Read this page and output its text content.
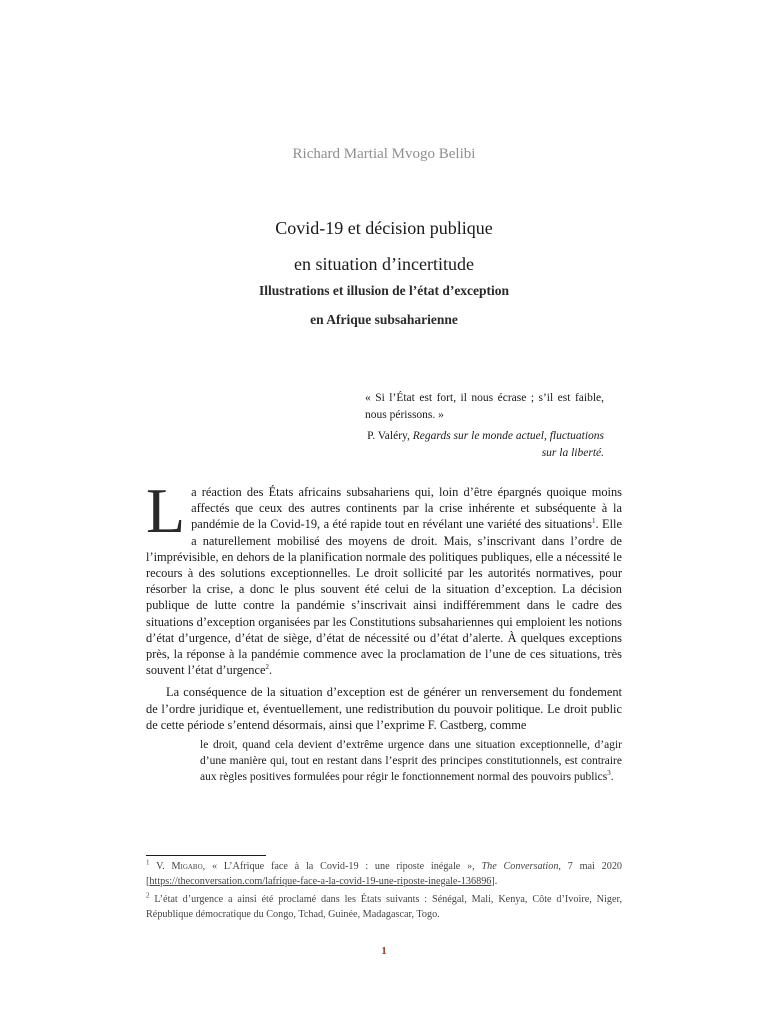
Richard Martial Mvogo Belibi
Covid-19 et décision publique
en situation d’incertitude
Illustrations et illusion de l’état d’exception
en Afrique subsaharienne
« Si l’État est fort, il nous écrase ; s’il est faible, nous périssons. »
P. Valéry, Regards sur le monde actuel, fluctuations sur la liberté.

La réaction des États africains subsahariens qui, loin d’être épargnés quoique moins affectés que ceux des autres continents par la crise inhérente et subséquente à la pandémie de la Covid-19, a été rapide tout en révélant une variété des situations$^1$. Elle a naturellement mobilisé des moyens de droit. Mais, s’inscrivant dans l’ordre de l’imprévisible, en dehors de la planification normale des politiques publiques, elle a nécessité le recours à des solutions exceptionnelles. Le droit sollicité par les autorités normatives, pour résorber la crise, a donc le plus souvent été celui de la situation d’exception. La décision publique de lutte contre la pandémie s’inscrivait ainsi indifféremment dans le cadre des situations d’exception organisées par les Constitutions subsahariennes qui emploient les notions d’état d’urgence, d’état de siège, d’état de nécessité ou d’état d’alerte. À quelques exceptions près, la réponse à la pandémie commence avec la proclamation de l’une de ces situations, très souvent l’état d’urgence$^2$.

La conséquence de la situation d’exception est de générer un renversement du fondement de l’ordre juridique et, éventuellement, une redistribution du pouvoir politique. Le droit public de cette période s’entend désormais, ainsi que l’exprime F. Castberg, comme

le droit, quand cela devient d’extrême urgence dans une situation exceptionnelle, d’agir d’une manière qui, tout en restant dans l’esprit des principes constitutionnels, est contraire aux règles positives formulées pour régir le fonctionnement normal des pouvoirs publics$^3$.
$^1$ V. Migabo, « L’Afrique face à la Covid-19 : une riposte inégale », The Conversation, 7 mai 2020 [https://theconversation.com/lafrique-face-a-la-covid-19-une-riposte-inegale-136896].
$^2$ L’état d’urgence a ainsi été proclamé dans les États suivants : Sénégal, Mali, Kenya, Côte d’Ivoire, Niger, République démocratique du Congo, Tchad, Guinée, Madagascar, Togo.
1
